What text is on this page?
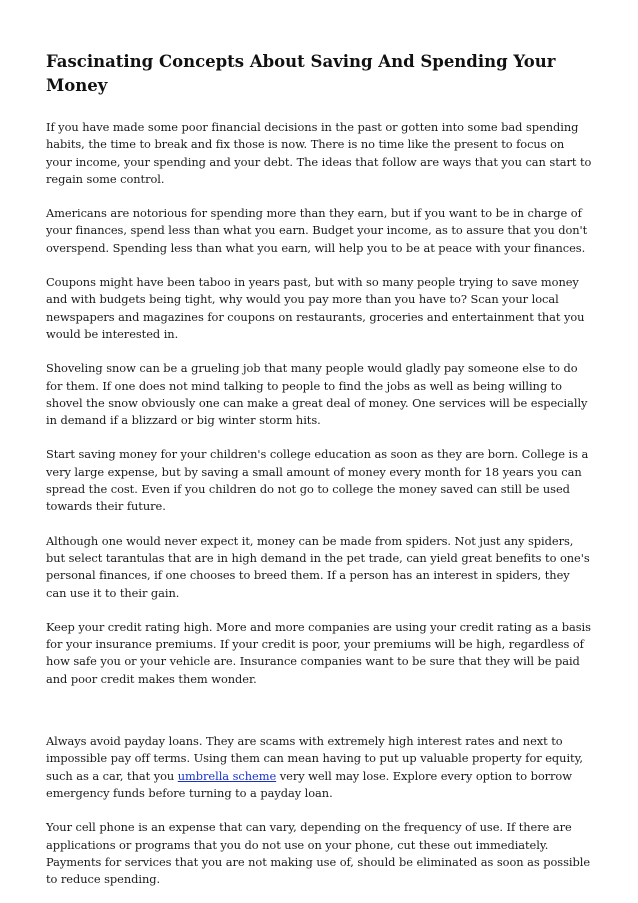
Fascinating Concepts About Saving And Spending Your Money

If you have made some poor financial decisions in the past or gotten into some bad spending habits, the time to break and fix those is now. There is no time like the present to focus on your income, your spending and your debt. The ideas that follow are ways that you can start to regain some control.

Americans are notorious for spending more than they earn, but if you want to be in charge of your finances, spend less than what you earn. Budget your income, as to assure that you don't overspend. Spending less than what you earn, will help you to be at peace with your finances.

Coupons might have been taboo in years past, but with so many people trying to save money and with budgets being tight, why would you pay more than you have to? Scan your local newspapers and magazines for coupons on restaurants, groceries and entertainment that you would be interested in.

Shoveling snow can be a grueling job that many people would gladly pay someone else to do for them. If one does not mind talking to people to find the jobs as well as being willing to shovel the snow obviously one can make a great deal of money. One services will be especially in demand if a blizzard or big winter storm hits.

Start saving money for your children's college education as soon as they are born. College is a very large expense, but by saving a small amount of money every month for 18 years you can spread the cost. Even if you children do not go to college the money saved can still be used towards their future.

Although one would never expect it, money can be made from spiders. Not just any spiders, but select tarantulas that are in high demand in the pet trade, can yield great benefits to one's personal finances, if one chooses to breed them. If a person has an interest in spiders, they can use it to their gain.

Keep your credit rating high. More and more companies are using your credit rating as a basis for your insurance premiums. If your credit is poor, your premiums will be high, regardless of how safe you or your vehicle are. Insurance companies want to be sure that they will be paid and poor credit makes them wonder.

Always avoid payday loans. They are scams with extremely high interest rates and next to impossible pay off terms. Using them can mean having to put up valuable property for equity, such as a car, that you umbrella scheme very well may lose. Explore every option to borrow emergency funds before turning to a payday loan.

Your cell phone is an expense that can vary, depending on the frequency of use. If there are applications or programs that you do not use on your phone, cut these out immediately. Payments for services that you are not making use of, should be eliminated as soon as possible to reduce spending.
